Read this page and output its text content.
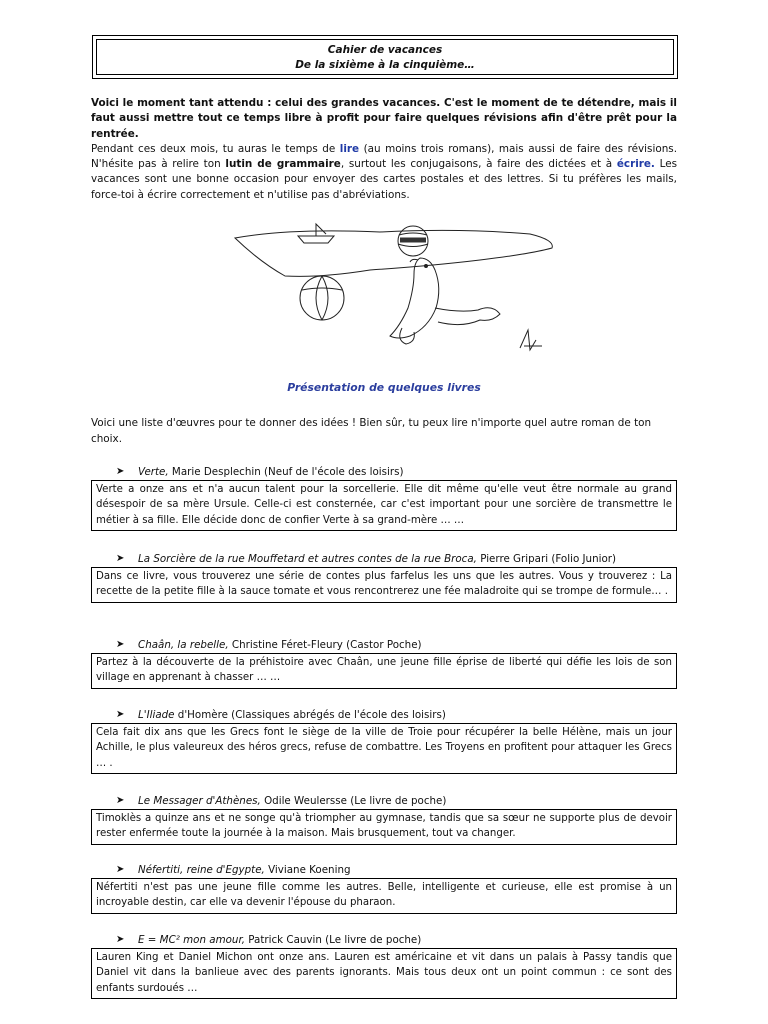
Cahier de vacances
De la sixième à la cinquième…
Voici le moment tant attendu : celui des grandes vacances. C'est le moment de te détendre, mais il faut aussi mettre tout ce temps libre à profit pour faire quelques révisions afin d'être prêt pour la rentrée.
Pendant ces deux mois, tu auras le temps de lire (au moins trois romans), mais aussi de faire des révisions. N'hésite pas à relire ton lutin de grammaire, surtout les conjugaisons, à faire des dictées et à écrire. Les vacances sont une bonne occasion pour envoyer des cartes postales et des lettres. Si tu préfères les mails, force-toi à écrire correctement et n'utilise pas d'abréviations.
Présentation de quelques livres
Voici une liste d'œuvres pour te donner des idées ! Bien sûr, tu peux lire n'importe quel autre roman de ton choix.
➤ Verte, Marie Desplechin (Neuf de l'école des loisirs)
Verte a onze ans et n'a aucun talent pour la sorcellerie. Elle dit même qu'elle veut être normale au grand désespoir de sa mère Ursule. Celle-ci est consternée, car c'est important pour une sorcière de transmettre le métier à sa fille. Elle décide donc de confier Verte à sa grand-mère … …
➤ La Sorcière de la rue Mouffetard et autres contes de la rue Broca, Pierre Gripari (Folio Junior)
Dans ce livre, vous trouverez une série de contes plus farfelus les uns que les autres. Vous y trouverez : La recette de la petite fille à la sauce tomate et vous rencontrerez une fée maladroite qui se trompe de formule… .
➤ Chaân, la rebelle, Christine Féret-Fleury (Castor Poche)
Partez à la découverte de la préhistoire avec Chaân, une jeune fille éprise de liberté qui défie les lois de son village en apprenant à chasser … …
➤ L'Iliade d'Homère (Classiques abrégés de l'école des loisirs)
Cela fait dix ans que les Grecs font le siège de la ville de Troie pour récupérer la belle Hélène, mais un jour Achille, le plus valeureux des héros grecs, refuse de combattre. Les Troyens en profitent pour attaquer les Grecs … .
➤ Le Messager d'Athènes, Odile Weulersse (Le livre de poche)
Timoklès a quinze ans et ne songe qu'à triompher au gymnase, tandis que sa sœur ne supporte plus de devoir rester enfermée toute la journée à la maison. Mais brusquement, tout va changer.
➤ Néfertiti, reine d'Egypte, Viviane Koening
Néfertiti n'est pas une jeune fille comme les autres. Belle, intelligente et curieuse, elle est promise à un incroyable destin, car elle va devenir l'épouse du pharaon.
➤ E = MC² mon amour, Patrick Cauvin (Le livre de poche)
Lauren King et Daniel Michon ont onze ans. Lauren est américaine et vit dans un palais à Passy tandis que Daniel vit dans la banlieue avec des parents ignorants. Mais tous deux ont un point commun : ce sont des enfants surdoués …
